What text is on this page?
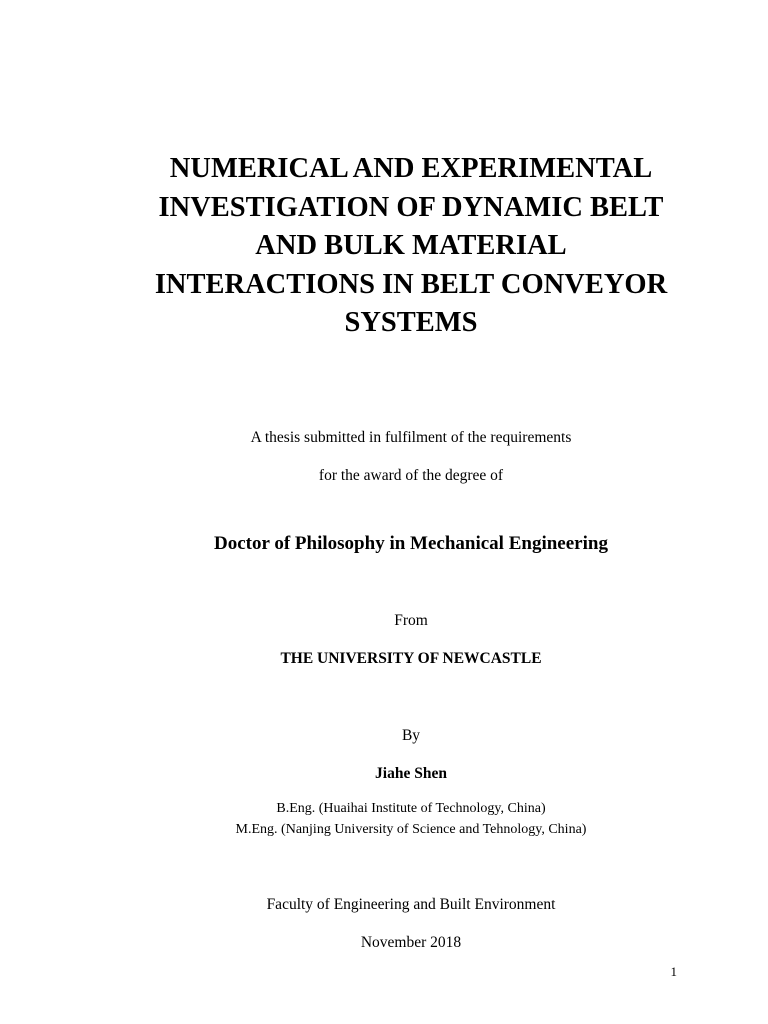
NUMERICAL AND EXPERIMENTAL
INVESTIGATION OF DYNAMIC BELT
AND BULK MATERIAL
INTERACTIONS IN BELT CONVEYOR
SYSTEMS
A thesis submitted in fulfilment of the requirements
for the award of the degree of
Doctor of Philosophy in Mechanical Engineering
From
THE UNIVERSITY OF NEWCASTLE
By
Jiahe Shen
B.Eng. (Huaihai Institute of Technology, China)
M.Eng. (Nanjing University of Science and Tehnology, China)
Faculty of Engineering and Built Environment
November 2018
1
